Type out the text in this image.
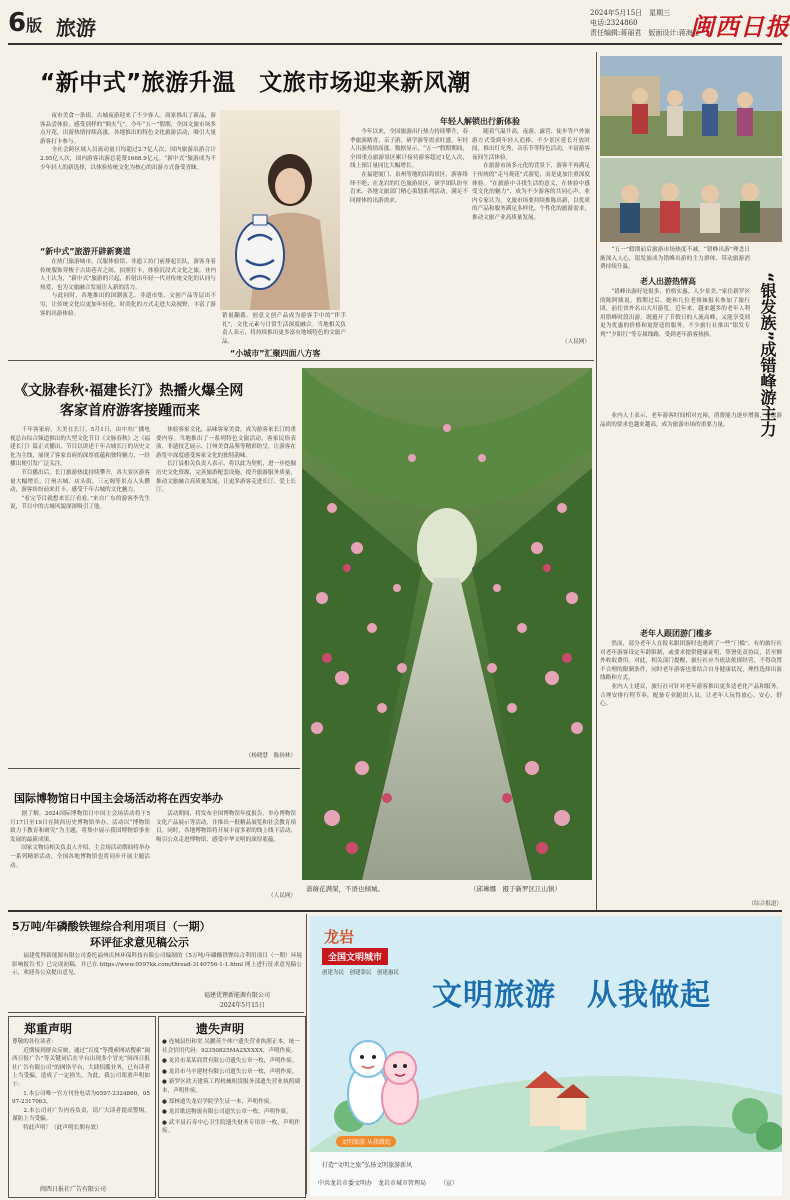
6版 旅游
2024年5月15日　星期三
电话:2324860
责任编辑:蒋丽君　版面设计:蒋海金
闽西日报
“新中式”旅游升温　文旅市场迎来新风潮
　　夜市美食一条街，古城夜游迎来了不少客人。商家推出了新品，游客品尝体验，感受别样的“烟火气”。今年“五一”假期，全国文旅市场多点开花，出游热情持续高涨，各地推出的特色文化旅游活动，吸引大量游客打卡参与。
　　全社会跨区域人员流动量日均超过2.7亿人次，国内旅游出游合计2.95亿人次，国内游客出游总花费1668.9亿元。“新中式”旅游成为不少年轻人的新选择，以体验传统文化为核心的出游方式备受青睐。
“新中式”旅游开辟新赛道
　　在热门旅游城市，汉服体验馆、非遗工坊门前排起长队，游客身着传统服饰穿梭于古街巷弄之间，拍照打卡，体验沉浸式文化之旅。业内人士认为，“新中式”旅游的兴起，折射出年轻一代对传统文化的认同与热爱，也为文旅融合发展注入新的活力。
　　与此同时，各地推出的国潮演艺、非遗市集、文创产品等层出不穷，让传统文化以更加年轻化、时尚化的方式走进大众视野，丰富了游客的出游体验。	销量翻番。创意文创产品成为游客手中的“伴手礼”，文化元素与日常生活深度融合。当地相关负责人表示，将持续推出更多富有地域特色的文旅产品。
“小城市”汇聚四面八方客
年轻人解锁出行新体验
　　今年以来，全国旅游出行热力持续攀升，春季旅游踏青、亲子游、研学游等需求旺盛，年轻人出游热情高涨。数据显示，“五一”假期期间，全国重点旅游景区累计接待游客超过1亿人次，线上预订量同比大幅增长。
　　在福建厦门、泉州等地的沿海景区，游客络绎不绝；在龙岩的红色旅游景区，研学团队纷至沓来。各地文旅部门精心策划系列活动，满足不同群体的出游需求。
　　随着气温升高，夜游、露营、徒步等户外旅游方式受到年轻人追捧。不少景区延长开放时间，推出灯光秀、音乐节等特色活动，丰富游客夜间生活体验。
　　在旅游市场多元化的背景下，游客不再满足于传统的“走马观花”式游览，而是更加注重深度体验。“在旅游中寻找生活的意义，在体验中感受文化的魅力”，成为不少游客的共同心声。业内专家认为，文旅市场要持续推陈出新，以优质的产品和服务满足多样化、个性化的旅游需求，推动文旅产业高质量发展。
（人民网）
　　“五一”假期前后旅游市场热度不减，“错峰出游”理念日渐深入人心，银发族成为错峰出游的主力群体，带动旅游消费持续升温。
老人出游热情高
　　“错峰出游好处很多，价格实惠、人少景美。”家住新罗区的陈阿姨说。假期过后，她和几位老姐妹报名参加了旅行团，前往省外名山大川游览。近年来，越来越多的老年人利用错峰时段出游，既避开了节假日的人流高峰，又能享受到更为优惠的价格和更舒适的服务。不少旅行社推出“银发专列”“夕阳红”等专属线路，受到老年游客热捧。
　　业内人士表示，老年游客时间相对充裕，消费能力逐步增强，对旅游品质的要求也越来越高，成为旅游市场的重要力量。	“银发族”成错峰游主力
老年人跟团游门槛多
　　然而，部分老年人在报名跟团游时也遇到了一些“门槛”。有的旅行社对老年游客设定年龄限制，或要求提供健康证明、签署免责协议，甚至额外收取费用。对此，相关部门提醒，旅行社应当依法依规经营，不得设置不合理的限制条件，同时老年游客也要结合自身健康状况，理性选择出游线路和方式。
　　业内人士建议，旅行社可针对老年游客推出更多适老化产品和服务，合理安排行程节奏，配备专业随团人员，让老年人玩得放心、安心、舒心。
（综合报道）
《文脉春秋·福建长汀》热播火爆全网
客家首府游客接踵而来
　　千年客家府，大美在长汀。5月1日，由中央广播电视总台综合频道推出的大型文化节目《文脉春秋》之《福建长汀》篇正式播出，节目以讲述千年古城长汀的历史文化为主线，展现了客家首府的深厚底蕴和独特魅力，一经播出便引发广泛关注。
　　节目播出后，长汀旅游热度持续攀升，各大景区游客量大幅增长，汀州古城、店头街、三元阁等景点人头攒动，游客纷纷前来打卡，感受千年古城的文化魅力。
　　“看完节目就想来长汀看看。”来自广东的游客李先生说，节目中的古城风貌深深吸引了他。
　　体验客家文化，品味客家美食，成为游客来长汀的重要内容。当地推出了一系列特色文旅活动，客家民俗表演、非遗技艺展示、汀州美食品鉴等精彩纷呈，让游客在游览中深度感受客家文化的独特韵味。
　　长汀县相关负责人表示，将以此为契机，进一步挖掘历史文化资源，完善旅游配套设施，提升旅游服务质量，推动文旅融合高质量发展，让更多游客走进长汀、爱上长汀。
（杨晓慧　陈扬林）
蔷薇花满架，不语也倾城。	（邱琳娜　摄于新罗区江山镇）
国际博物馆日中国主会场活动将在西安举办
　　据了解，2024国际博物馆日中国主会场活动将于5月17日至19日在陕西历史博物馆举办，活动以“博物馆致力于教育和研究”为主题，将集中展示我国博物馆事业发展的最新成果。
　　国家文物局相关负责人介绍，主会场活动期间将举办一系列精彩活动，全国各地博物馆也将同步开展主题活动。
　　活动期间，将发布全国博物馆年度报告，举办博物馆文化产品展示等活动，并推出一批精品展览和社会教育项目。同时，各地博物馆将开展丰富多彩的线上线下活动，吸引公众走进博物馆，感受中华文明的深厚底蕴。
（人民网）
5万吨/年磷酸铁锂综合利用项目（一期）
环评征求意见稿公示
　　福建优锂新能源有限公司委托福州庆林环保科技有限公司编制的《5万吨/年磷酸铁锂综合利用项目（一期）环境影响报告书》已完成初稿，并已在 https://www.0597kk.com/thread-3140756-1-1.html 网上进行征求意见稿公示，欢迎各公众提出意见。
福建优锂新能源有限公司
2024年5月15日
郑重声明
尊敬的各位读者：
　　近期接到群众反映，通过“百度”等搜索网站搜索“闽西日报广告”等关键词后在平台出现多个冒充“闽西日报社广告有限公司”的网络平台，大肆招揽业务，已有读者上当受骗，造成了一定损失。为此，我公司郑重声明如下：
　　1.本公司唯一官方刊登电话为0597-2324860，0597-2317063。
　　2.本公司对广告内容负责，请广大读者提高警惕，谨防上当受骗。
　　特此声明！（此声明长期有效）
闽西日报社广告有限公司
遗失声明
● 连城县恒和堂.吴鹏英个体户遗失营业执照正本，统一社会信用代码：92350825MA2XXXXX，声明作废。
● 龙岩市某某商贸有限公司遗失公章一枚，声明作废。
● 龙岩市马辛建材有限公司遗失公章一枚，声明作废。
● 新罗区欣天建筑工程机械租赁服务部遗失营业执照副本，声明作废。
● 郑林遗失龙岩学院学生证一本，声明作废。
● 龙岩歌达物流有限公司遗失公章一枚，声明作废。
● 武平县石寿中心卫生院遗失财务专用章一枚，声明作废。
龙岩
全国文明城市
创建为民　创建靠民　创建惠民
文明旅游　从我做起
文明旅游 从我做起
打造“文明之旅”弘扬文明旅游新风
中共龙岩市委文明办　龙岩市城市管理局 （宣）
